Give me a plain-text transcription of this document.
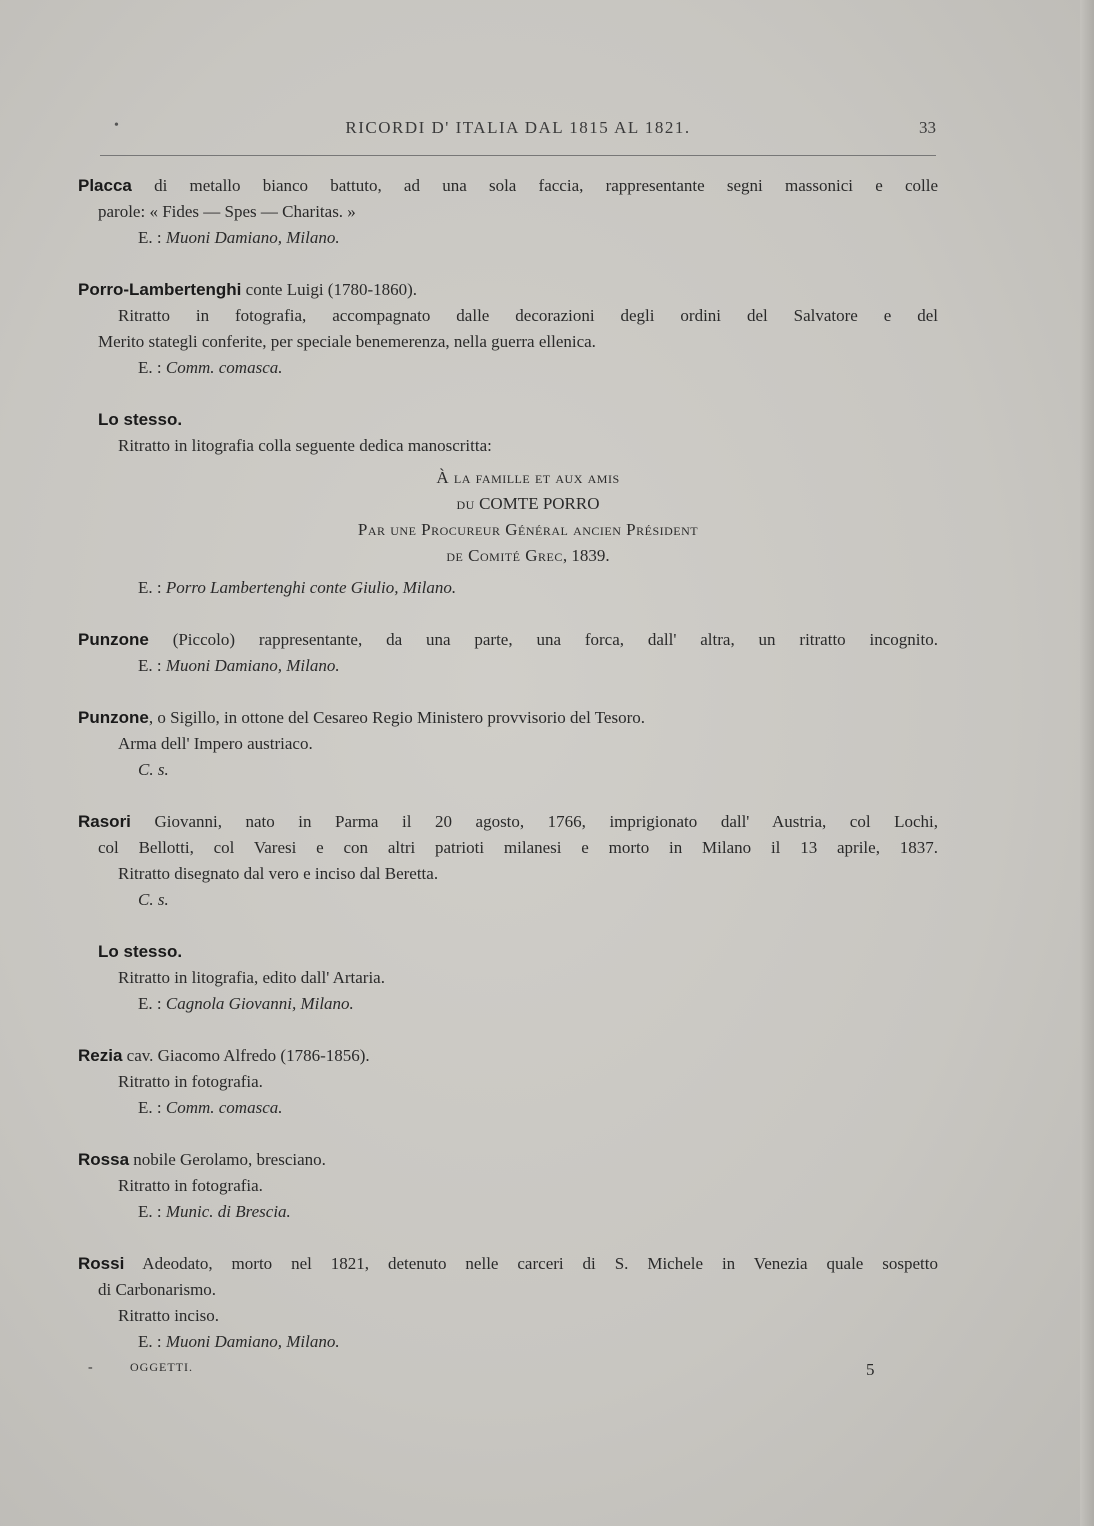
•	RICORDI D' ITALIA DAL 1815 AL 1821.	33
Placca di metallo bianco battuto, ad una sola faccia, rappresentante segni massonici e colle
parole: « Fides — Spes — Charitas. »
E. : Muoni Damiano, Milano.
Porro-Lambertenghi conte Luigi (1780-1860).
Ritratto in fotografia, accompagnato dalle decorazioni degli ordini del Salvatore e del
Merito stategli conferite, per speciale benemerenza, nella guerra ellenica.
E. : Comm. comasca.
Lo stesso.
Ritratto in litografia colla seguente dedica manoscritta:
À la famille et aux amis
du COMTE PORRO
Par une Procureur Général ancien Président
de Comité Grec, 1839.
E. : Porro Lambertenghi conte Giulio, Milano.
Punzone (Piccolo) rappresentante, da una parte, una forca, dall' altra, un ritratto incognito.
E. : Muoni Damiano, Milano.
Punzone, o Sigillo, in ottone del Cesareo Regio Ministero provvisorio del Tesoro.
Arma dell' Impero austriaco.
C. s.
Rasori Giovanni, nato in Parma il 20 agosto, 1766, imprigionato dall' Austria, col Lochi,
col Bellotti, col Varesi e con altri patrioti milanesi e morto in Milano il 13 aprile, 1837.
Ritratto disegnato dal vero e inciso dal Beretta.
C. s.
Lo stesso.
Ritratto in litografia, edito dall' Artaria.
E. : Cagnola Giovanni, Milano.
Rezia cav. Giacomo Alfredo (1786-1856).
Ritratto in fotografia.
E. : Comm. comasca.
Rossa nobile Gerolamo, bresciano.
Ritratto in fotografia.
E. : Munic. di Brescia.
Rossi Adeodato, morto nel 1821, detenuto nelle carceri di S. Michele in Venezia quale sospetto
di Carbonarismo.
Ritratto inciso.
E. : Muoni Damiano, Milano.
-	OGGETTI.	5
